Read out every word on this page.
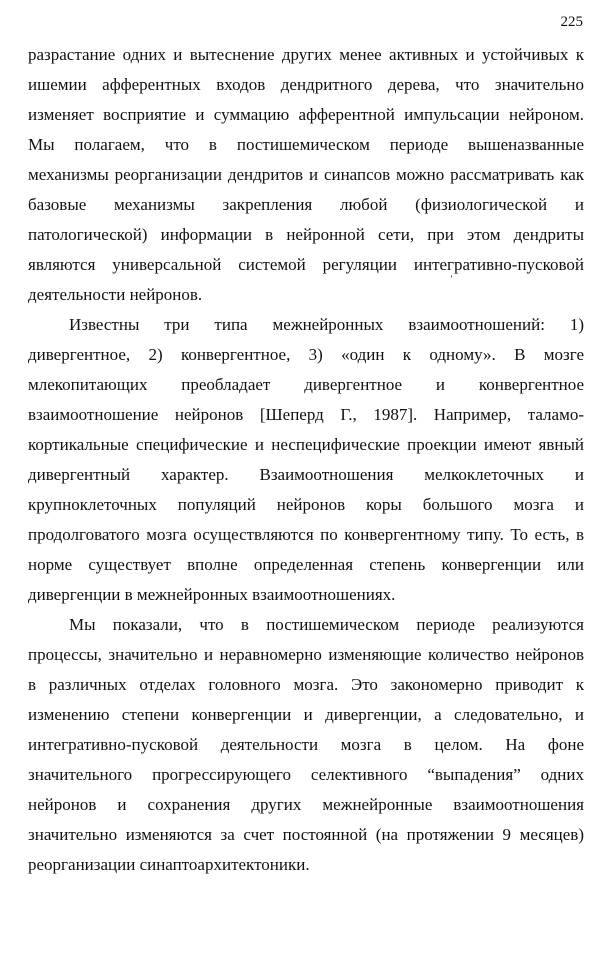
225

разрастание одних и вытеснение других менее активных и устойчивых к
ишемии афферентных входов дендритного дерева, что значительно
изменяет восприятие и суммацию афферентной импульсации нейроном.
Мы полагаем, что в постишемическом периоде вышеназванные
механизмы реорганизации дендритов и синапсов можно рассматривать как
базовые механизмы закрепления любой (физиологической и
патологической) информации в нейронной сети, при этом дендриты
являются универсальной системой регуляции интегративно-пусковой
деятельности нейронов.

Известны три типа межнейронных взаимоотношений: 1)
дивергентное, 2) конвергентное, 3) «один к одному». В мозге
млекопитающих преобладает дивергентное и конвергентное
взаимоотношение нейронов [Шеперд Г., 1987]. Например, таламо-
кортикальные специфические и неспецифические проекции имеют явный
дивергентный характер. Взаимоотношения мелкоклеточных и
крупноклеточных популяций нейронов коры большого мозга и
продолговатого мозга осуществляются по конвергентному типу. То есть, в
норме существует вполне определенная степень конвергенции или
дивергенции в межнейронных взаимоотношениях.

Мы показали, что в постишемическом периоде реализуются
процессы, значительно и неравномерно изменяющие количество нейронов
в различных отделах головного мозга. Это закономерно приводит к
изменению степени конвергенции и дивергенции, а следовательно, и
интегративно-пусковой деятельности мозга в целом. На фоне
значительного прогрессирующего селективного “выпадения” одних
нейронов и сохранения других межнейронные взаимоотношения
значительно изменяются за счет постоянной (на протяжении 9 месяцев)
реорганизации синаптоархитектоники.

ˈ
